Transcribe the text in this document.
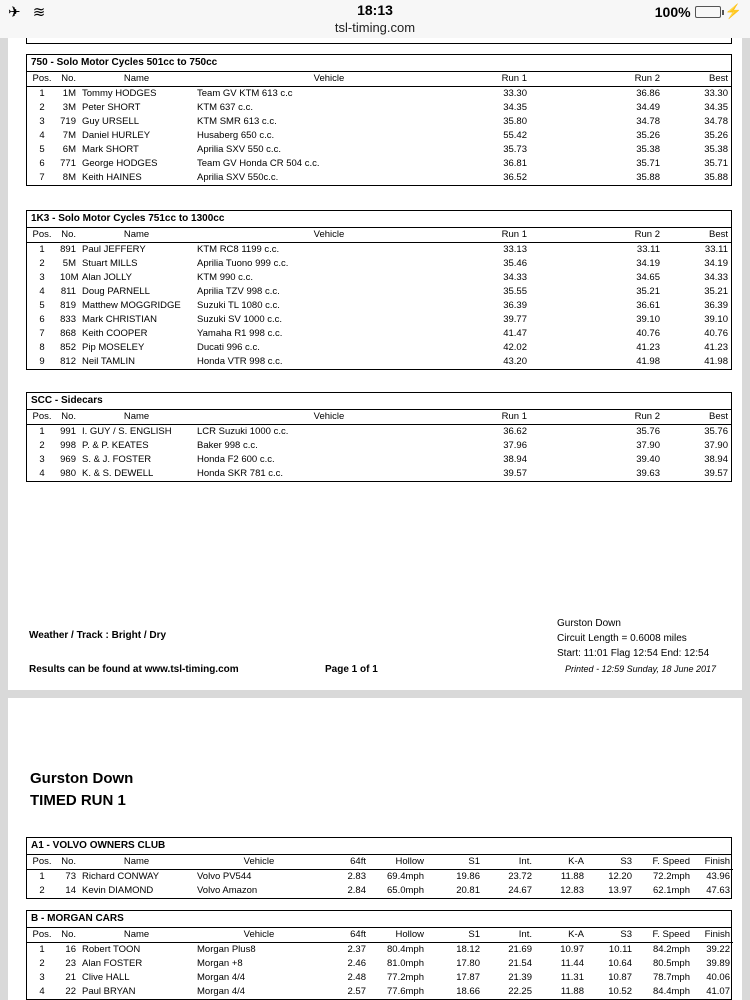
✈ ≋	18:13
tsl-timing.com
100% ⚡
750 - Solo Motor Cycles 501cc to 750cc
Pos.	No.	Name	Vehicle	Run 1	Run 2	Best
1	1M	Tommy HODGES	Team GV KTM 613 c.c	33.30	36.86	33.30
2	3M	Peter SHORT	KTM 637 c.c.	34.35	34.49	34.35
3	719	Guy URSELL	KTM SMR 613 c.c.	35.80	34.78	34.78
4	7M	Daniel HURLEY	Husaberg 650 c.c.	55.42	35.26	35.26
5	6M	Mark SHORT	Aprilia SXV 550 c.c.	35.73	35.38	35.38
6	771	George HODGES	Team GV Honda CR 504 c.c.	36.81	35.71	35.71
7	8M	Keith HAINES	Aprilia SXV 550c.c.	36.52	35.88	35.88
1K3 - Solo Motor Cycles 751cc to 1300cc
Pos.	No.	Name	Vehicle	Run 1	Run 2	Best
1	891	Paul JEFFERY	KTM RC8 1199 c.c.	33.13	33.11	33.11
2	5M	Stuart MILLS	Aprilia Tuono 999 c.c.	35.46	34.19	34.19
3	10M	Alan JOLLY	KTM 990 c.c.	34.33	34.65	34.33
4	811	Doug PARNELL	Aprilia TZV 998 c.c.	35.55	35.21	35.21
5	819	Matthew MOGGRIDGE	Suzuki TL 1080 c.c.	36.39	36.61	36.39
6	833	Mark CHRISTIAN	Suzuki SV 1000 c.c.	39.77	39.10	39.10
7	868	Keith COOPER	Yamaha R1 998 c.c.	41.47	40.76	40.76
8	852	Pip MOSELEY	Ducati 996 c.c.	42.02	41.23	41.23
9	812	Neil TAMLIN	Honda VTR 998 c.c.	43.20	41.98	41.98
SCC - Sidecars
Pos.	No.	Name	Vehicle	Run 1	Run 2	Best
1	991	I. GUY / S. ENGLISH	LCR Suzuki 1000 c.c.	36.62	35.76	35.76
2	998	P. & P. KEATES	Baker 998 c.c.	37.96	37.90	37.90
3	969	S. & J. FOSTER	Honda F2 600 c.c.	38.94	39.40	38.94
4	980	K. & S. DEWELL	Honda SKR 781 c.c.	39.57	39.63	39.57
Weather / Track : Bright / Dry
Gurston Down
Circuit Length = 0.6008 miles
Start: 11:01 Flag 12:54 End: 12:54
Results can be found at www.tsl-timing.com	Page 1 of 1	Printed - 12:59 Sunday, 18 June 2017
Gurston Down
TIMED RUN 1
A1 - VOLVO OWNERS CLUB
Pos.	No.	Name	Vehicle	64ft	Hollow	S1	Int.	K-A	S3	F. Speed	Finish
1	73	Richard CONWAY	Volvo PV544	2.83	69.4mph	19.86	23.72	11.88	12.20	72.2mph	43.96
2	14	Kevin DIAMOND	Volvo Amazon	2.84	65.0mph	20.81	24.67	12.83	13.97	62.1mph	47.63
B - MORGAN CARS
Pos.	No.	Name	Vehicle	64ft	Hollow	S1	Int.	K-A	S3	F. Speed	Finish
1	16	Robert TOON	Morgan Plus8	2.37	80.4mph	18.12	21.69	10.97	10.11	84.2mph	39.22
2	23	Alan FOSTER	Morgan +8	2.46	81.0mph	17.80	21.54	11.44	10.64	80.5mph	39.89
3	21	Clive HALL	Morgan 4/4	2.48	77.2mph	17.87	21.39	11.31	10.87	78.7mph	40.06
4	22	Paul BRYAN	Morgan 4/4	2.57	77.6mph	18.66	22.25	11.88	10.52	84.4mph	41.07
